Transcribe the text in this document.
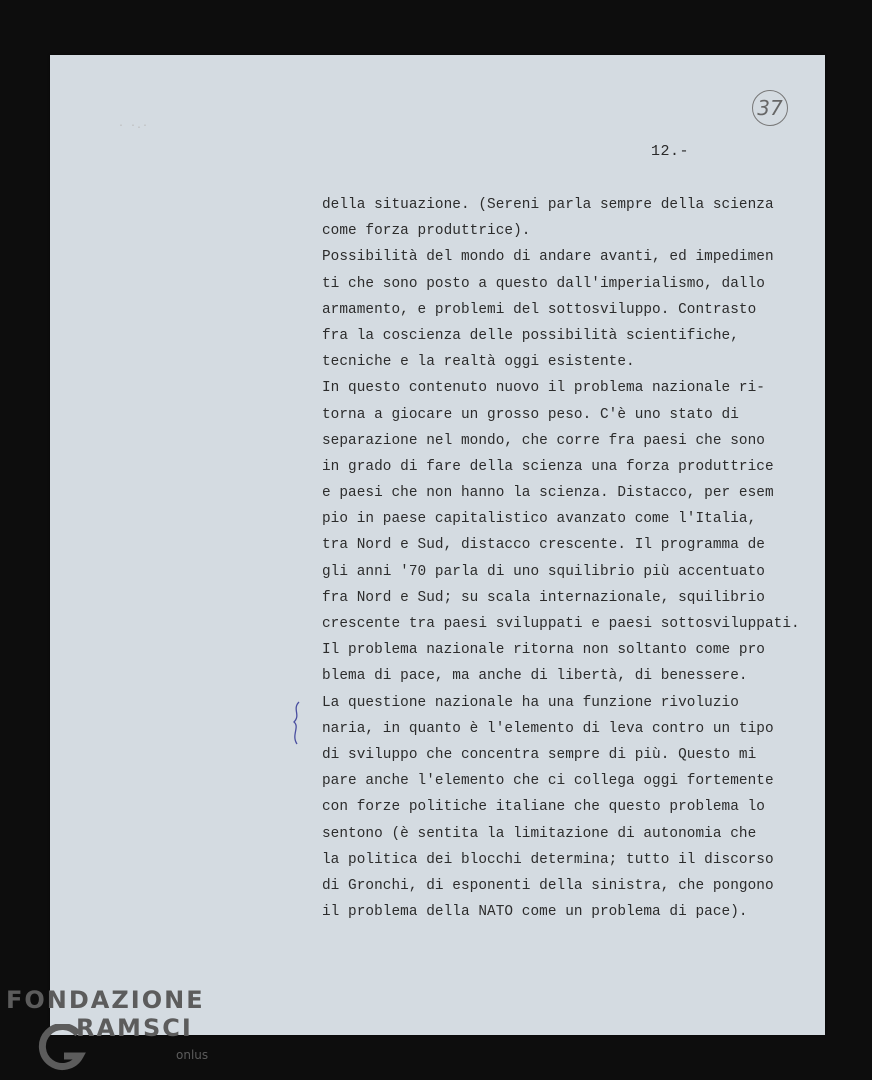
· ·.·
37
12.-
della situazione. (Sereni parla sempre della scienza
come forza produttrice).
Possibilità del mondo di andare avanti, ed impedimen
ti che sono posto a questo dall'imperialismo, dallo
armamento, e problemi del sottosviluppo. Contrasto
fra la coscienza delle possibilità scientifiche,
tecniche e la realtà oggi esistente.
In questo contenuto nuovo il problema nazionale ri-
torna a giocare un grosso peso. C'è uno stato di
separazione nel mondo, che corre fra paesi che sono
in grado di fare della scienza una forza produttrice
e paesi che non hanno la scienza. Distacco, per esem
pio in paese capitalistico avanzato come l'Italia,
tra Nord e Sud, distacco crescente. Il programma de
gli anni '70 parla di uno squilibrio più accentuato
fra Nord e Sud; su scala internazionale, squilibrio
crescente tra paesi sviluppati e paesi sottosviluppati.
Il problema nazionale ritorna non soltanto come pro
blema di pace, ma anche di libertà, di benessere.
La questione nazionale ha una funzione rivoluzio
naria, in quanto è l'elemento di leva contro un tipo
di sviluppo che concentra sempre di più. Questo mi
pare anche l'elemento che ci collega oggi fortemente
con forze politiche italiane che questo problema lo
sentono (è sentita la limitazione di autonomia che
la politica dei blocchi determina; tutto il discorso
di Gronchi, di esponenti della sinistra, che pongono
il problema della NATO come un problema di pace).
FONDAZIONE
RAMSCI
onlus
